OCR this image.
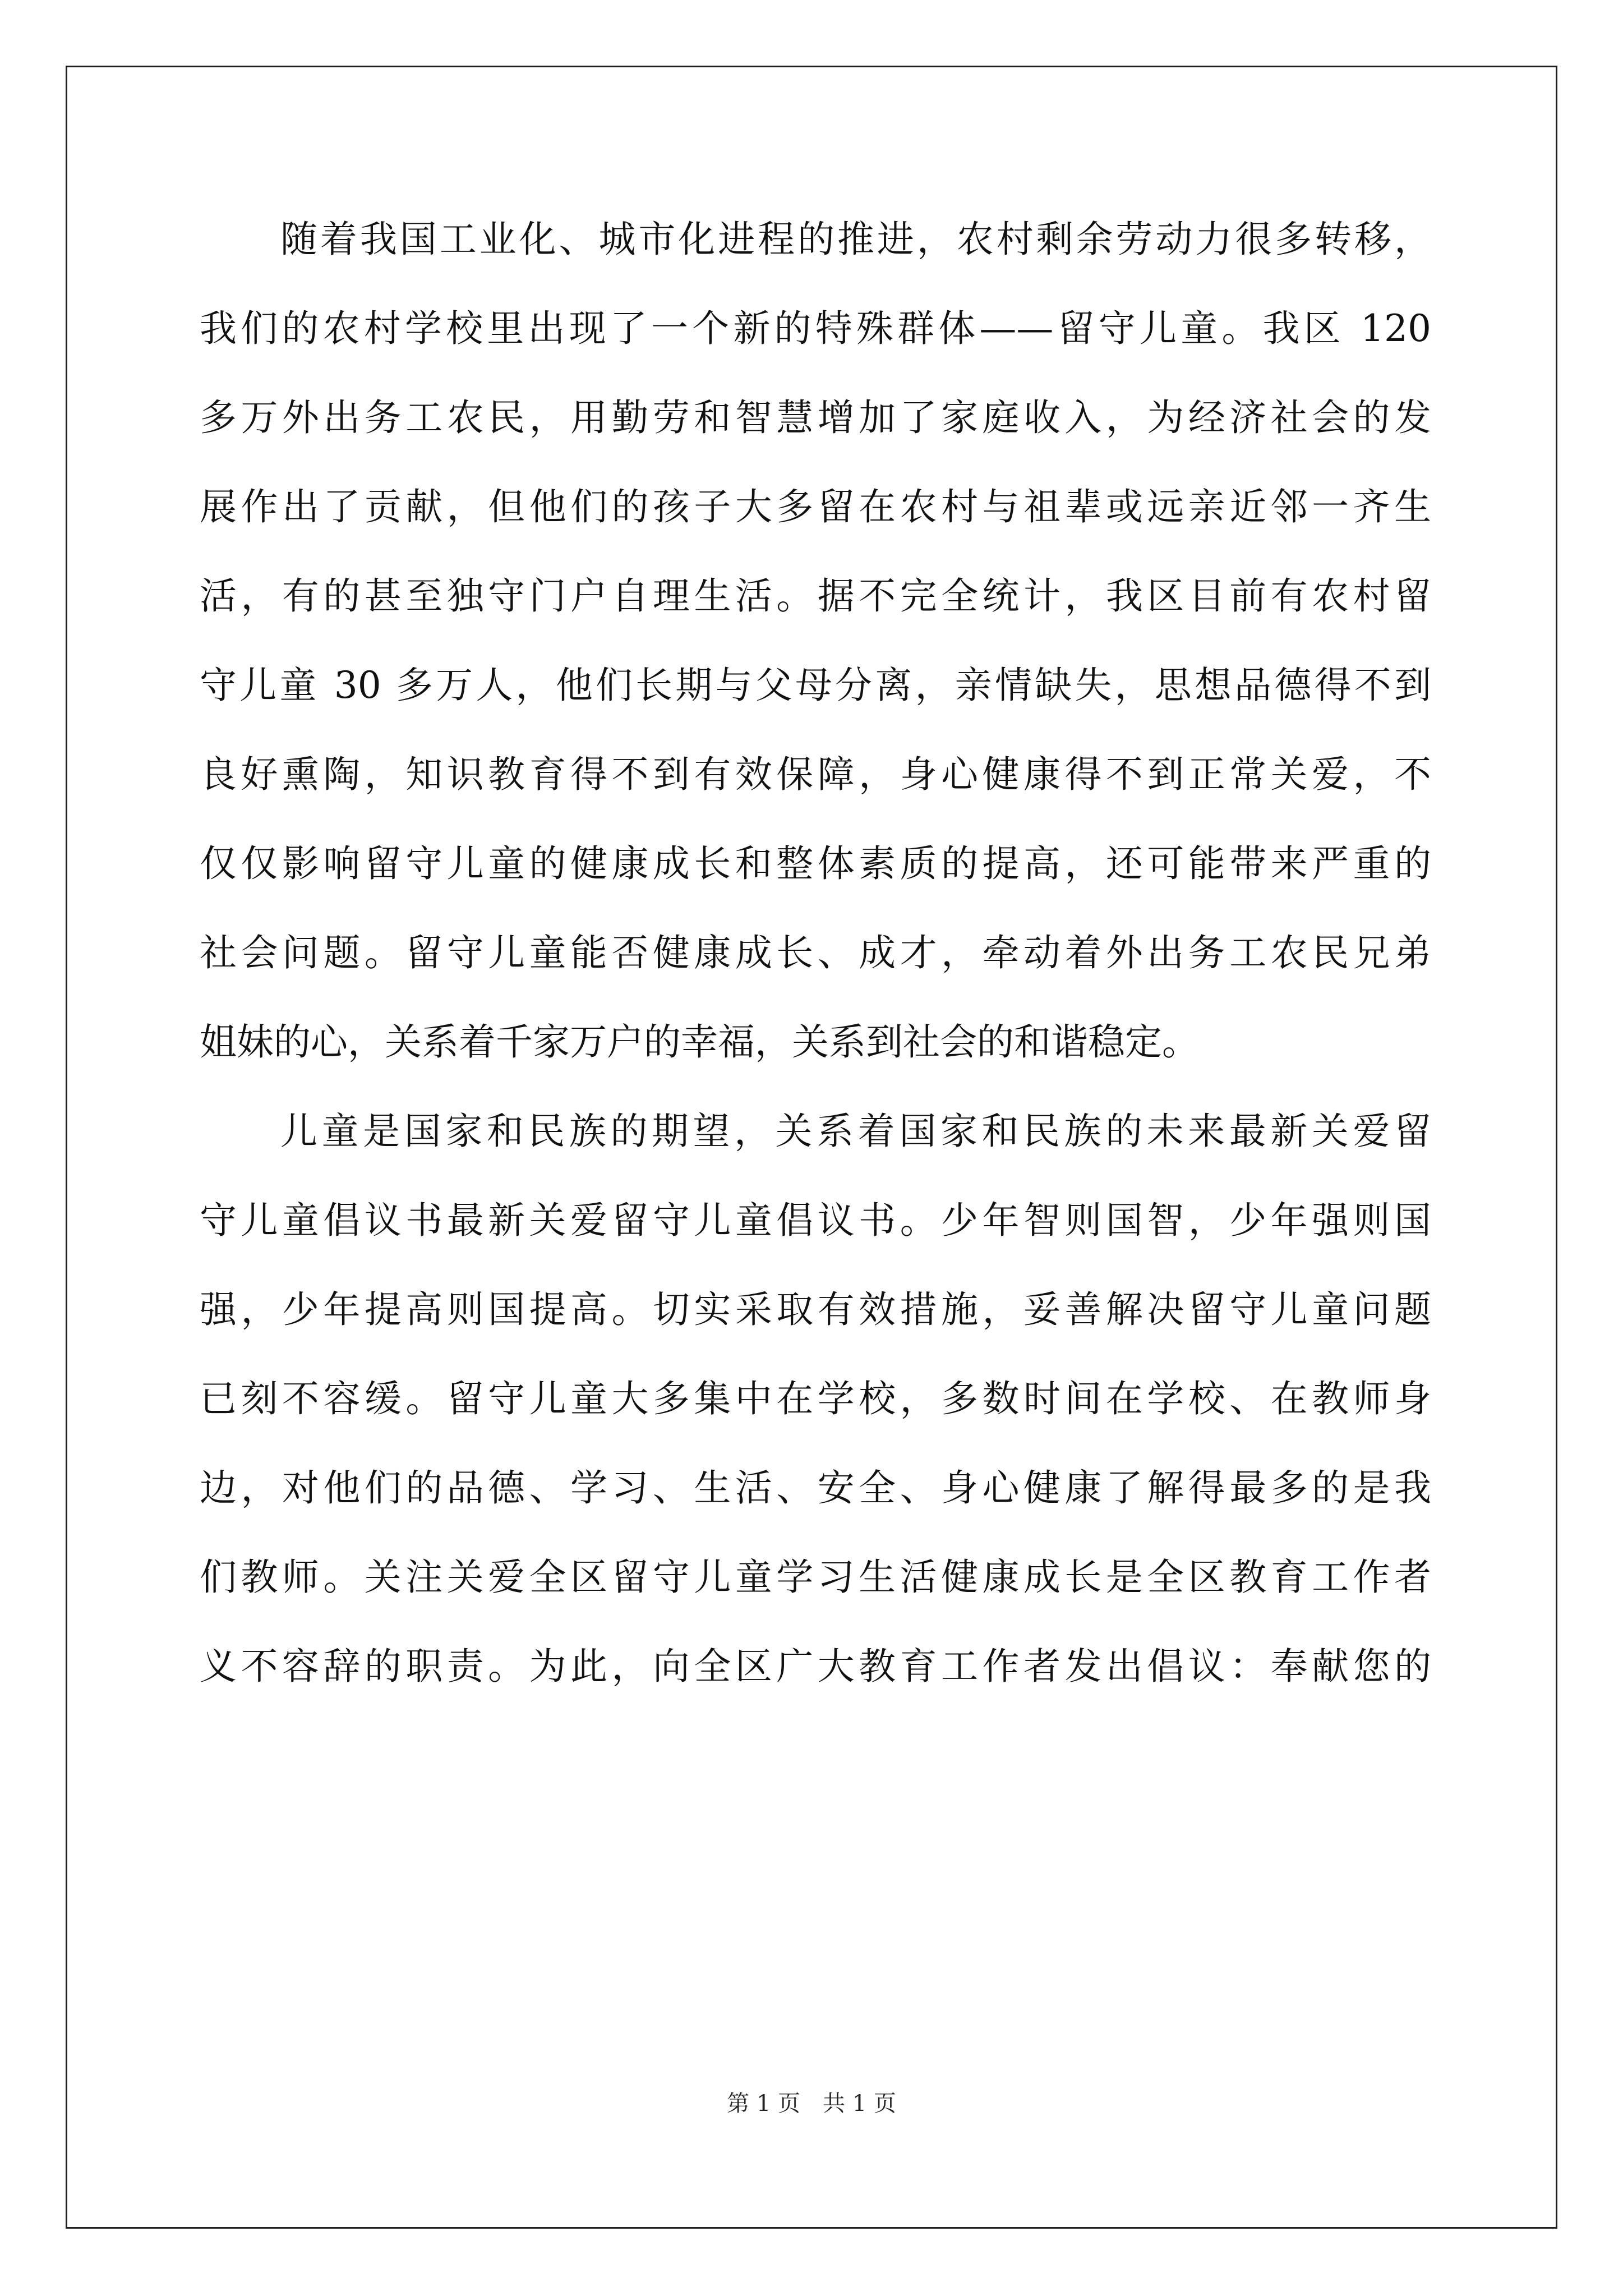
随着我国工业化、城市化进程的推进，农村剩余劳动力很多转移，
我们的农村学校里出现了一个新的特殊群体——留守儿童。我区 120
多万外出务工农民，用勤劳和智慧增加了家庭收入，为经济社会的发
展作出了贡献，但他们的孩子大多留在农村与祖辈或远亲近邻一齐生
活，有的甚至独守门户自理生活。据不完全统计，我区目前有农村留
守儿童 30 多万人，他们长期与父母分离，亲情缺失，思想品德得不到
良好熏陶，知识教育得不到有效保障，身心健康得不到正常关爱，不
仅仅影响留守儿童的健康成长和整体素质的提高，还可能带来严重的
社会问题。留守儿童能否健康成长、成才，牵动着外出务工农民兄弟
姐妹的心，关系着千家万户的幸福，关系到社会的和谐稳定。
儿童是国家和民族的期望，关系着国家和民族的未来最新关爱留
守儿童倡议书最新关爱留守儿童倡议书。少年智则国智，少年强则国
强，少年提高则国提高。切实采取有效措施，妥善解决留守儿童问题
已刻不容缓。留守儿童大多集中在学校，多数时间在学校、在教师身
边，对他们的品德、学习、生活、安全、身心健康了解得最多的是我
们教师。关注关爱全区留守儿童学习生活健康成长是全区教育工作者
义不容辞的职责。为此，向全区广大教育工作者发出倡议：奉献您的
第 1 页 共 1 页
